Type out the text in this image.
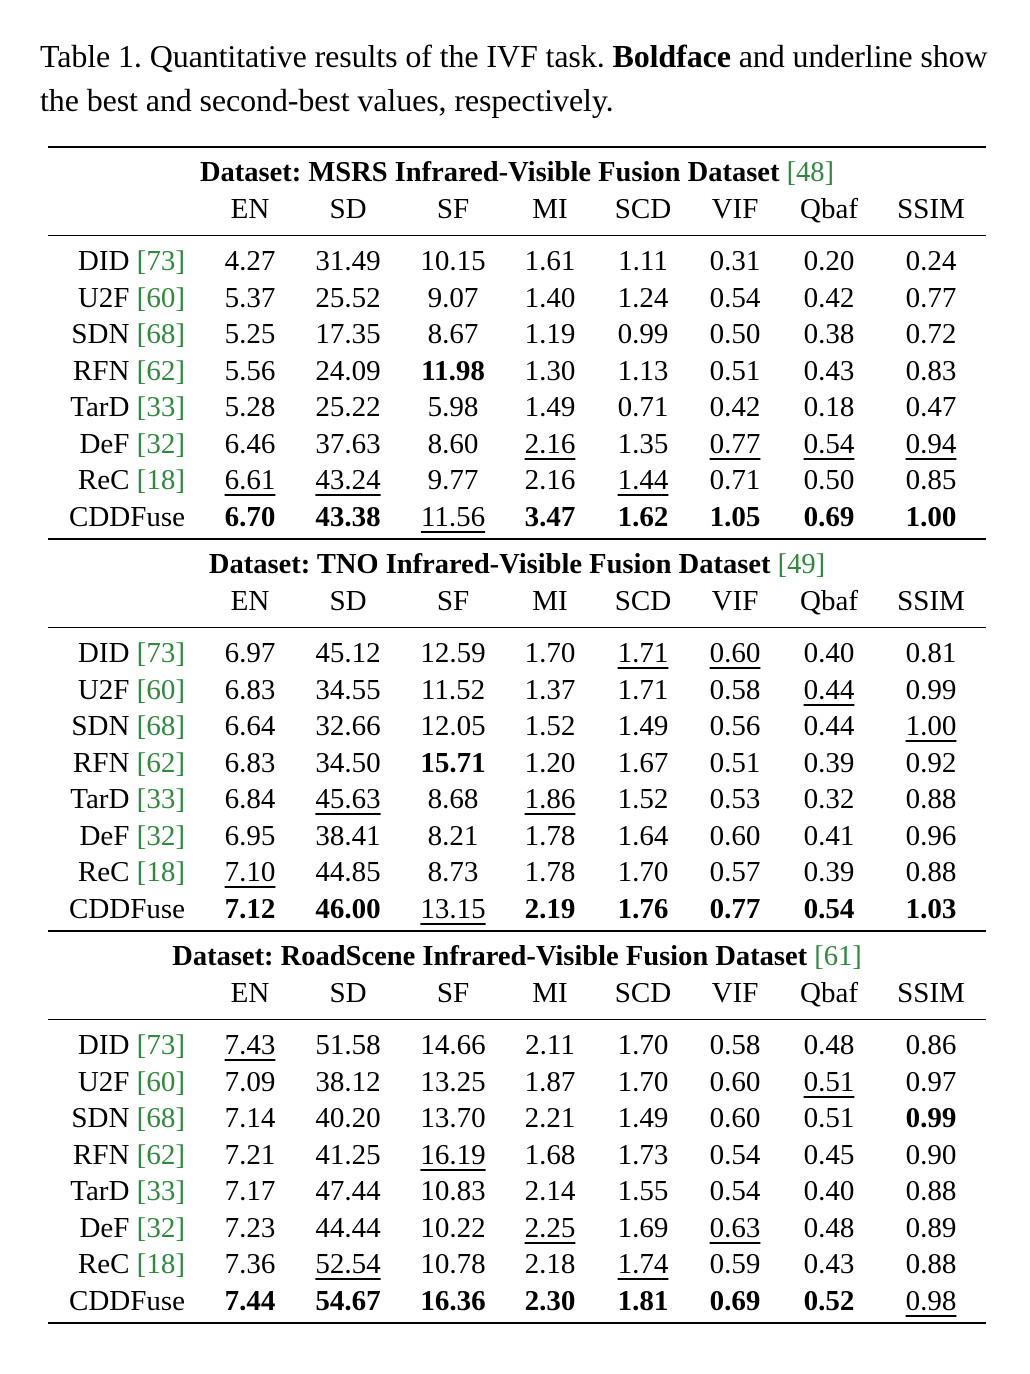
Table 1. Quantitative results of the IVF task. Boldface and underline show the best and second-best values, respectively.
Dataset: MSRS Infrared-Visible Fusion Dataset [48]
EN	SD	SF	MI	SCD	VIF	Qbaf	SSIM
DID [73]	4.27	31.49	10.15	1.61	1.11	0.31	0.20	0.24
U2F [60]	5.37	25.52	9.07	1.40	1.24	0.54	0.42	0.77
SDN [68]	5.25	17.35	8.67	1.19	0.99	0.50	0.38	0.72
RFN [62]	5.56	24.09	11.98	1.30	1.13	0.51	0.43	0.83
TarD [33]	5.28	25.22	5.98	1.49	0.71	0.42	0.18	0.47
DeF [32]	6.46	37.63	8.60	2.16	1.35	0.77	0.54	0.94
ReC [18]	6.61	43.24	9.77	2.16	1.44	0.71	0.50	0.85
CDDFuse	6.70	43.38	11.56	3.47	1.62	1.05	0.69	1.00
Dataset: TNO Infrared-Visible Fusion Dataset [49]
EN	SD	SF	MI	SCD	VIF	Qbaf	SSIM
DID [73]	6.97	45.12	12.59	1.70	1.71	0.60	0.40	0.81
U2F [60]	6.83	34.55	11.52	1.37	1.71	0.58	0.44	0.99
SDN [68]	6.64	32.66	12.05	1.52	1.49	0.56	0.44	1.00
RFN [62]	6.83	34.50	15.71	1.20	1.67	0.51	0.39	0.92
TarD [33]	6.84	45.63	8.68	1.86	1.52	0.53	0.32	0.88
DeF [32]	6.95	38.41	8.21	1.78	1.64	0.60	0.41	0.96
ReC [18]	7.10	44.85	8.73	1.78	1.70	0.57	0.39	0.88
CDDFuse	7.12	46.00	13.15	2.19	1.76	0.77	0.54	1.03
Dataset: RoadScene Infrared-Visible Fusion Dataset [61]
EN	SD	SF	MI	SCD	VIF	Qbaf	SSIM
DID [73]	7.43	51.58	14.66	2.11	1.70	0.58	0.48	0.86
U2F [60]	7.09	38.12	13.25	1.87	1.70	0.60	0.51	0.97
SDN [68]	7.14	40.20	13.70	2.21	1.49	0.60	0.51	0.99
RFN [62]	7.21	41.25	16.19	1.68	1.73	0.54	0.45	0.90
TarD [33]	7.17	47.44	10.83	2.14	1.55	0.54	0.40	0.88
DeF [32]	7.23	44.44	10.22	2.25	1.69	0.63	0.48	0.89
ReC [18]	7.36	52.54	10.78	2.18	1.74	0.59	0.43	0.88
CDDFuse	7.44	54.67	16.36	2.30	1.81	0.69	0.52	0.98
